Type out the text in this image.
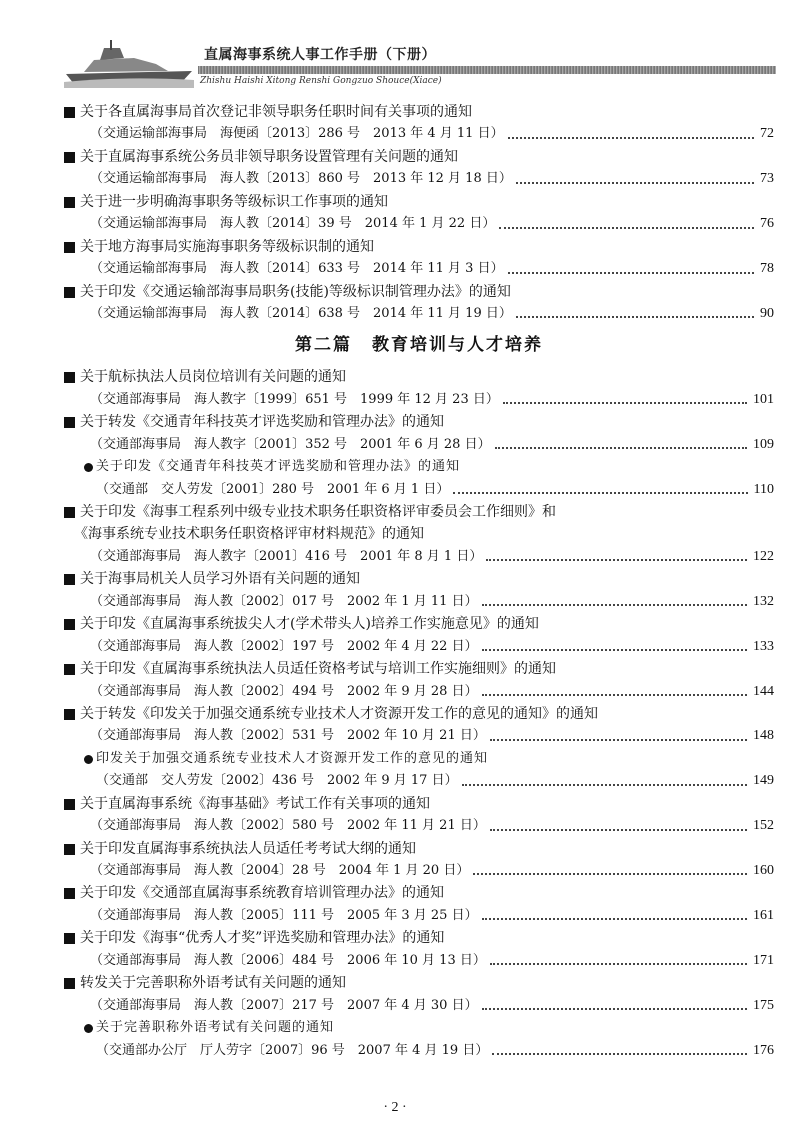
直属海事系统人事工作手册（下册）
Zhishu Haishi Xitong Renshi Gongzuo Shouce(Xiace)
关于各直属海事局首次登记非领导职务任职时间有关事项的通知
（交通运输部海事局　海便函〔2013〕286 号　2013 年 4 月 11 日）	72
关于直属海事系统公务员非领导职务设置管理有关问题的通知
（交通运输部海事局　海人教〔2013〕860 号　2013 年 12 月 18 日）	73
关于进一步明确海事职务等级标识工作事项的通知
（交通运输部海事局　海人教〔2014〕39 号　2014 年 1 月 22 日）	76
关于地方海事局实施海事职务等级标识制的通知
（交通运输部海事局　海人教〔2014〕633 号　2014 年 11 月 3 日）	78
关于印发《交通运输部海事局职务(技能)等级标识制管理办法》的通知
（交通运输部海事局　海人教〔2014〕638 号　2014 年 11 月 19 日）	90
第二篇 教育培训与人才培养
关于航标执法人员岗位培训有关问题的通知
（交通部海事局　海人教字〔1999〕651 号　1999 年 12 月 23 日）	101
关于转发《交通青年科技英才评选奖励和管理办法》的通知
（交通部海事局　海人教字〔2001〕352 号　2001 年 6 月 28 日）	109
关于印发《交通青年科技英才评选奖励和管理办法》的通知
（交通部　交人劳发〔2001〕280 号　2001 年 6 月 1 日）	110
关于印发《海事工程系列中级专业技术职务任职资格评审委员会工作细则》和
《海事系统专业技术职务任职资格评审材料规范》的通知
（交通部海事局　海人教字〔2001〕416 号　2001 年 8 月 1 日）	122
关于海事局机关人员学习外语有关问题的通知
（交通部海事局　海人教〔2002〕017 号　2002 年 1 月 11 日）	132
关于印发《直属海事系统拔尖人才(学术带头人)培养工作实施意见》的通知
（交通部海事局　海人教〔2002〕197 号　2002 年 4 月 22 日）	133
关于印发《直属海事系统执法人员适任资格考试与培训工作实施细则》的通知
（交通部海事局　海人教〔2002〕494 号　2002 年 9 月 28 日）	144
关于转发《印发关于加强交通系统专业技术人才资源开发工作的意见的通知》的通知
（交通部海事局　海人教〔2002〕531 号　2002 年 10 月 21 日）	148
印发关于加强交通系统专业技术人才资源开发工作的意见的通知
（交通部　交人劳发〔2002〕436 号　2002 年 9 月 17 日）	149
关于直属海事系统《海事基础》考试工作有关事项的通知
（交通部海事局　海人教〔2002〕580 号　2002 年 11 月 21 日）	152
关于印发直属海事系统执法人员适任考考试大纲的通知
（交通部海事局　海人教〔2004〕28 号　2004 年 1 月 20 日）	160
关于印发《交通部直属海事系统教育培训管理办法》的通知
（交通部海事局　海人教〔2005〕111 号　2005 年 3 月 25 日）	161
关于印发《海事“优秀人才奖”评选奖励和管理办法》的通知
（交通部海事局　海人教〔2006〕484 号　2006 年 10 月 13 日）	171
转发关于完善职称外语考试有关问题的通知
（交通部海事局　海人教〔2007〕217 号　2007 年 4 月 30 日）	175
关于完善职称外语考试有关问题的通知
（交通部办公厅　厅人劳字〔2007〕96 号　2007 年 4 月 19 日）	176
· 2 ·
